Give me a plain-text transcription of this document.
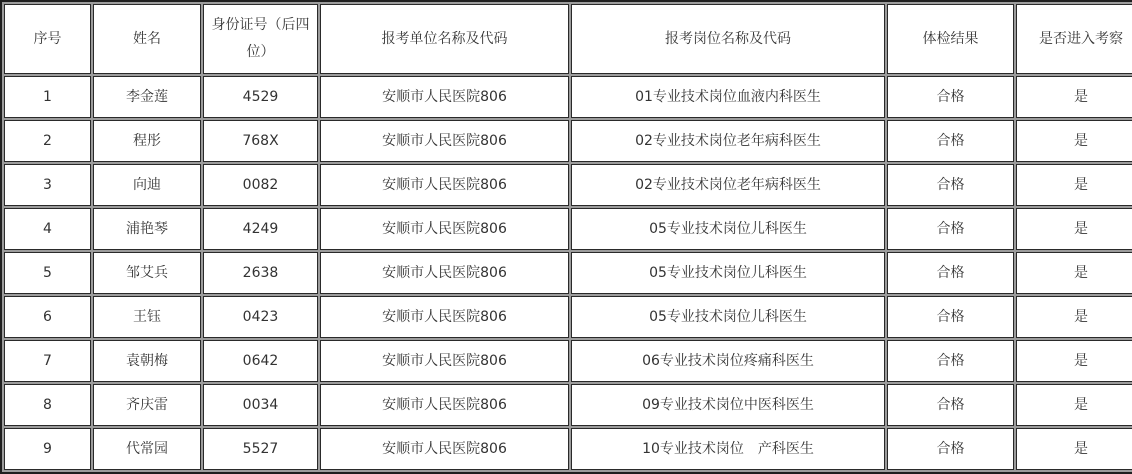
序号	姓名	身份证号（后四位）	报考单位名称及代码	报考岗位名称及代码	体检结果	是否进入考察
1	李金莲	4529	安顺市人民医院806	01专业技术岗位血液内科医生	合格	是
2	程彤	768X	安顺市人民医院806	02专业技术岗位老年病科医生	合格	是
3	向迪	0082	安顺市人民医院806	02专业技术岗位老年病科医生	合格	是
4	浦艳琴	4249	安顺市人民医院806	05专业技术岗位儿科医生	合格	是
5	邹艾兵	2638	安顺市人民医院806	05专业技术岗位儿科医生	合格	是
6	王钰	0423	安顺市人民医院806	05专业技术岗位儿科医生	合格	是
7	袁朝梅	0642	安顺市人民医院806	06专业技术岗位疼痛科医生	合格	是
8	齐庆雷	0034	安顺市人民医院806	09专业技术岗位中医科医生	合格	是
9	代常园	5527	安顺市人民医院806	10专业技术岗位　产科医生	合格	是
